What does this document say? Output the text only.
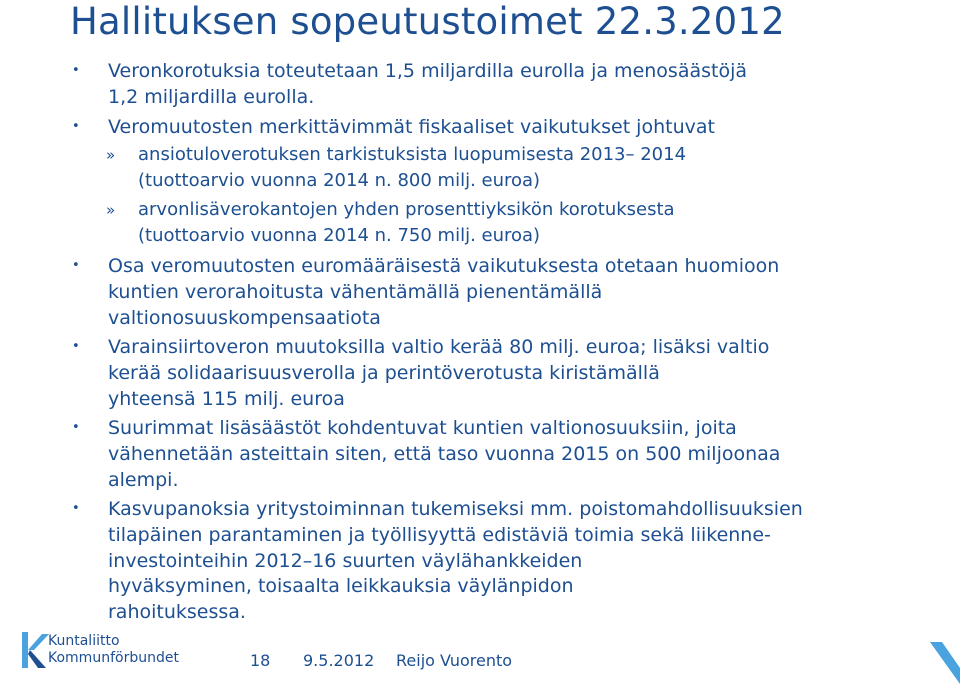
Hallituksen sopeutustoimet 22.3.2012
• Veronkorotuksia toteutetaan 1,5 miljardilla eurolla ja menosäästöjä
1,2 miljardilla eurolla.
• Veromuutosten merkittävimmät fiskaaliset vaikutukset johtuvat
» ansiotuloverotuksen tarkistuksista luopumisesta 2013– 2014
(tuottoarvio vuonna 2014 n. 800 milj. euroa)
» arvonlisäverokantojen yhden prosenttiyksikön korotuksesta
(tuottoarvio vuonna 2014 n. 750 milj. euroa)
• Osa veromuutosten euromääräisestä vaikutuksesta otetaan huomioon
kuntien verorahoitusta vähentämällä pienentämällä
valtionosuuskompensaatiota
• Varainsiirtoveron muutoksilla valtio kerää 80 milj. euroa; lisäksi valtio
kerää solidaarisuusverolla ja perintöverotusta kiristämällä
yhteensä 115 milj. euroa
• Suurimmat lisäsäästöt kohdentuvat kuntien valtionosuuksiin, joita
vähennetään asteittain siten, että taso vuonna 2015 on 500 miljoonaa
alempi.
• Kasvupanoksia yritystoiminnan tukemiseksi mm. poistomahdollisuuksien
tilapäinen parantaminen ja työllisyyttä edistäviä toimia sekä liikenne-
investointeihin 2012–16 suurten väylähankkeiden
hyväksyminen, toisaalta leikkauksia väylänpidon
rahoituksessa.
Kuntaliitto
Kommunförbundet	18 9.5.2012 Reijo Vuorento
